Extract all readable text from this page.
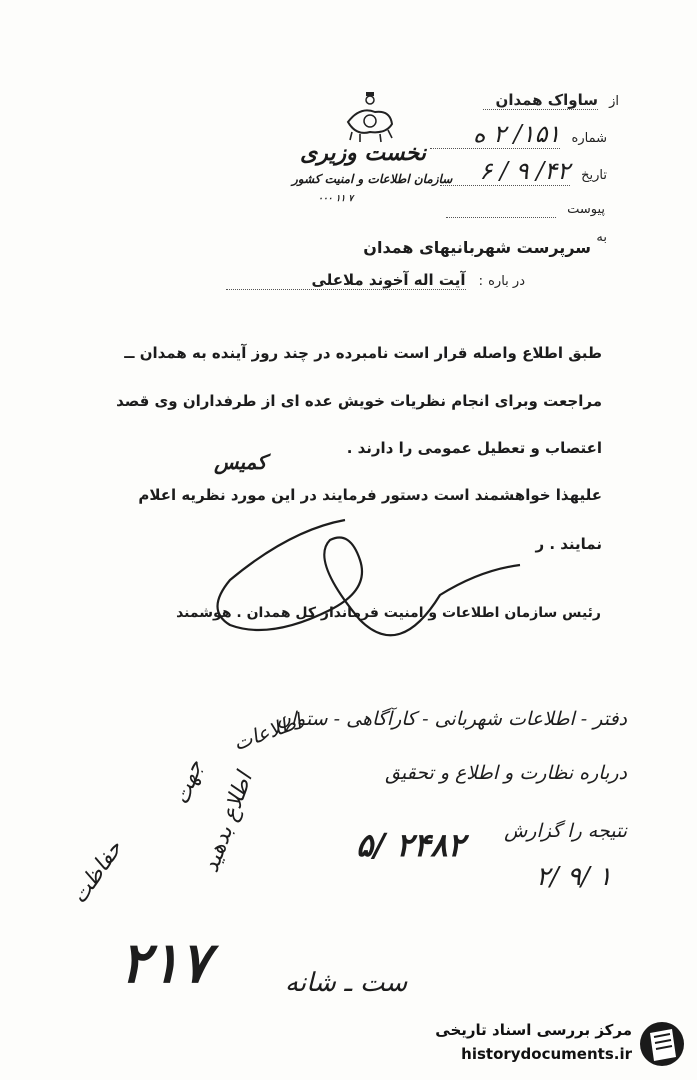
از ساواک همدان
شماره ۱۵۱/ ۲ ه
تاریخ ۴۲/ ۹ / ۶
پیوست
نخست وزیری
سازمان اطلاعات و امنیت کشور
۰۰۰ ۱۱ ۷
به
سرپرست شهربانیهای همدان
در باره : آیت اله آخوند ملاعلی
طبق اطلاع واصله قرار است نامبرده در چند روز آینده به همدان ــ
مراجعت وبرای انجام نظریات خویش عده ای از طرفداران وی قصد
اعتصاب و تعطیل عمومی را دارند .
کمیس
علیهذا خواهشمند است دستور فرمایند در این مورد نظریه اعلام
نمایند . ر
رئیس سازمان اطلاعات و امنیت فرماندار کل همدان . هوشمند
دفتر - اطلاعات شهربانی - کارآگاهی - ستوان
درباره نظارت و اطلاع و تحقیق
نتیجه را گزارش
۲/ ۹/ ۱
۵/ ۲۴۸۲
اطلاعات
جهت
اطلاع بدهید
حفاظت
۲۱۷	ست ـ شانه
مرکز بررسی اسناد تاریخی
historydocuments.ir
